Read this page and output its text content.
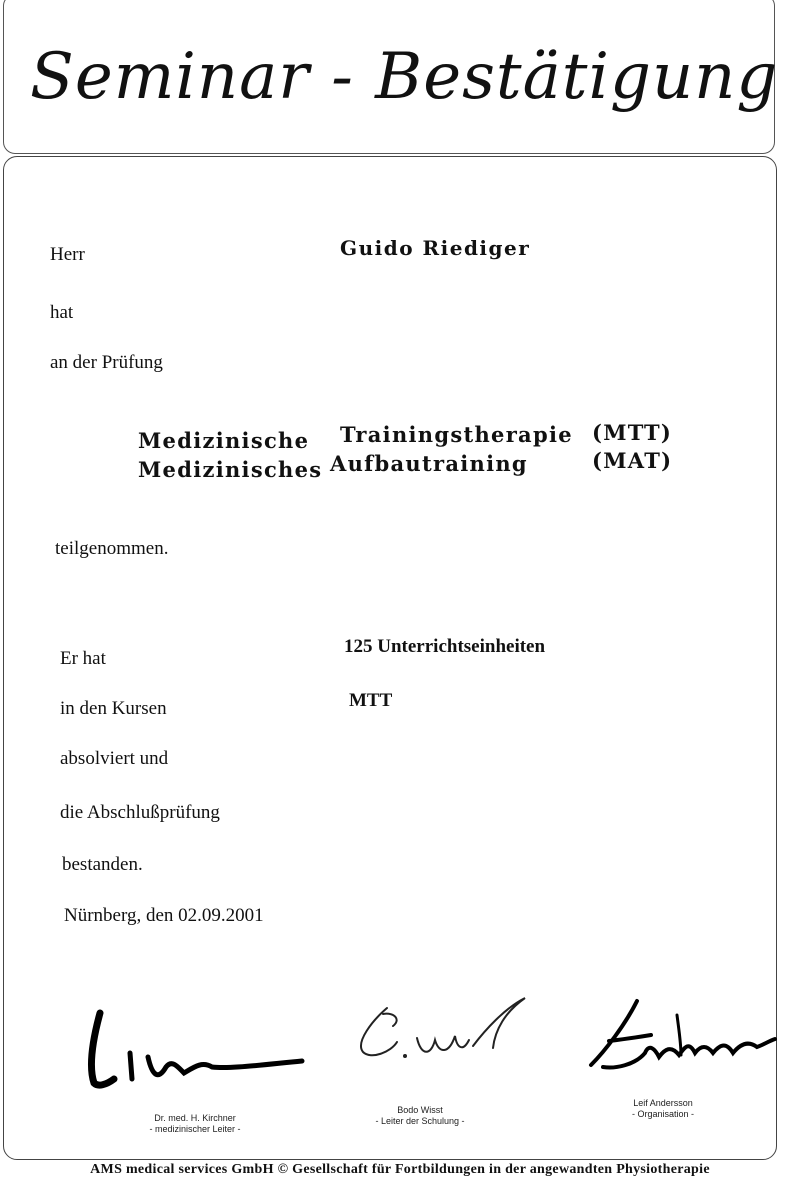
Seminar - Bestätigung
Herr	Guido Riediger
hat
an der Prüfung
Medizinische Trainingstherapie (MTT)
Medizinisches Aufbautraining	(MAT)
teilgenommen.
Er hat
125 Unterrichtseinheiten
in den Kursen	MTT
absolviert und
die Abschlußprüfung
bestanden.
Nürnberg, den 02.09.2001
Dr. med. H. Kirchner
- medizinischer Leiter -
Bodo Wisst
- Leiter der Schulung -
Leif Andersson
- Organisation -
AMS medical services GmbH © Gesellschaft für Fortbildungen in der angewandten Physiotherapie
